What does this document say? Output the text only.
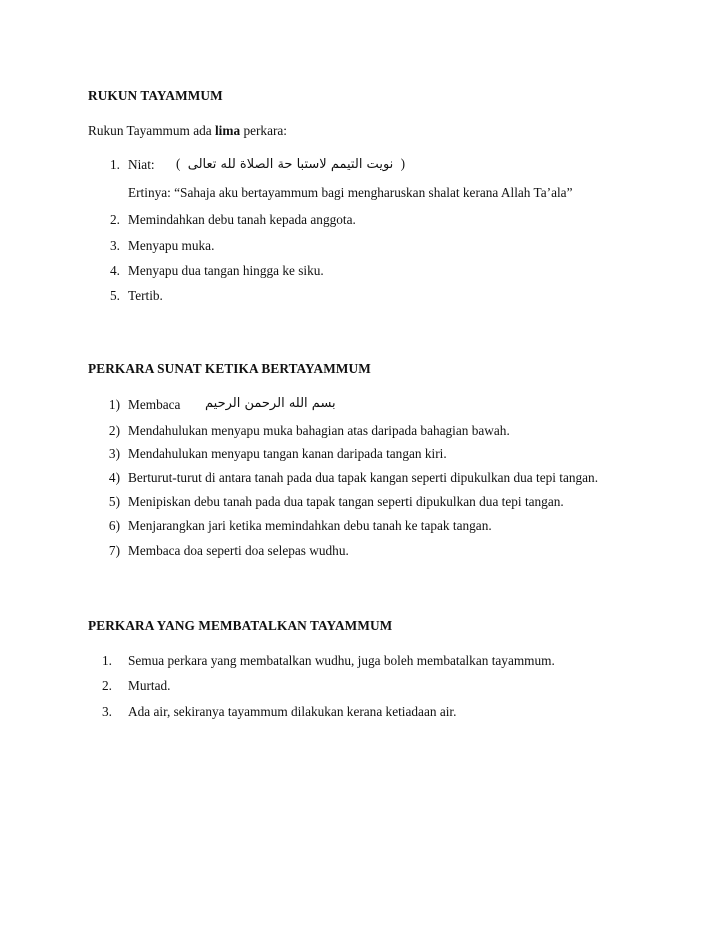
RUKUN TAYAMMUM
Rukun Tayammum ada lima perkara:
1. Niat: ( نويت التيمم لاستبا حة الصلاة لله تعالى )
Ertinya: “Sahaja aku bertayammum bagi mengharuskan shalat kerana Allah Ta’ala”
2. Memindahkan debu tanah kepada anggota.
3. Menyapu muka.
4. Menyapu dua tangan hingga ke siku.
5. Tertib.
PERKARA SUNAT KETIKA BERTAYAMMUM
1) Membaca بسم الله الرحمن الرحيم
2) Mendahulukan menyapu muka bahagian atas daripada bahagian bawah.
3) Mendahulukan menyapu tangan kanan daripada tangan kiri.
4) Berturut-turut di antara tanah pada dua tapak kangan seperti dipukulkan dua tepi tangan.
5) Menipiskan debu tanah pada dua tapak tangan seperti dipukulkan dua tepi tangan.
6) Menjarangkan jari ketika memindahkan debu tanah ke tapak tangan.
7) Membaca doa seperti doa selepas wudhu.
PERKARA YANG MEMBATALKAN TAYAMMUM
1. Semua perkara yang membatalkan wudhu, juga boleh membatalkan tayammum.
2. Murtad.
3. Ada air, sekiranya tayammum dilakukan kerana ketiadaan air.
